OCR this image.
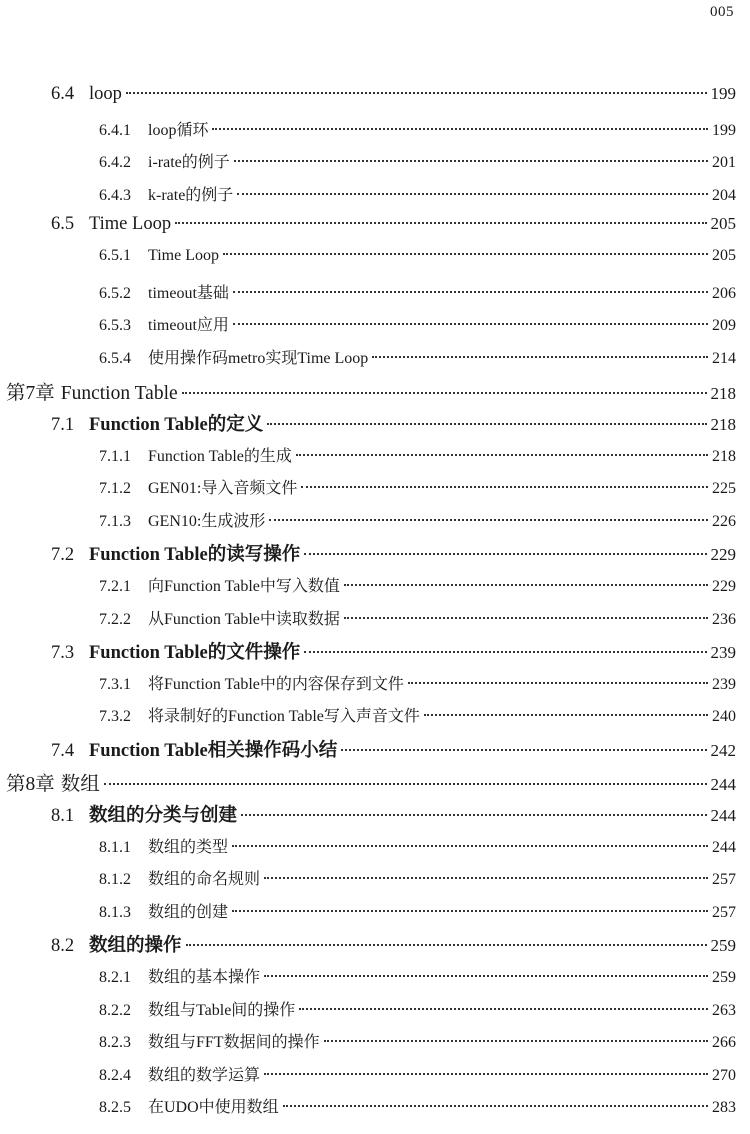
005
6.4 loop	199
6.4.1	loop循环	199
6.4.2	i-rate的例子	201
6.4.3	k-rate的例子	204
6.5 Time Loop	205
6.5.1	Time Loop	205
6.5.2	timeout基础	206
6.5.3	timeout应用	209
6.5.4	使用操作码metro实现Time Loop	214
第7章 Function Table	218
7.1 Function Table的定义	218
7.1.1	Function Table的生成	218
7.1.2	GEN01:导入音频文件	225
7.1.3	GEN10:生成波形	226
7.2 Function Table的读写操作	229
7.2.1	向Function Table中写入数值	229
7.2.2	从Function Table中读取数据	236
7.3 Function Table的文件操作	239
7.3.1	将Function Table中的内容保存到文件	239
7.3.2	将录制好的Function Table写入声音文件	240
7.4 Function Table相关操作码小结	242
第8章 数组	244
8.1 数组的分类与创建	244
8.1.1	数组的类型	244
8.1.2	数组的命名规则	257
8.1.3	数组的创建	257
8.2 数组的操作	259
8.2.1	数组的基本操作	259
8.2.2	数组与Table间的操作	263
8.2.3	数组与FFT数据间的操作	266
8.2.4	数组的数学运算	270
8.2.5	在UDO中使用数组	283
